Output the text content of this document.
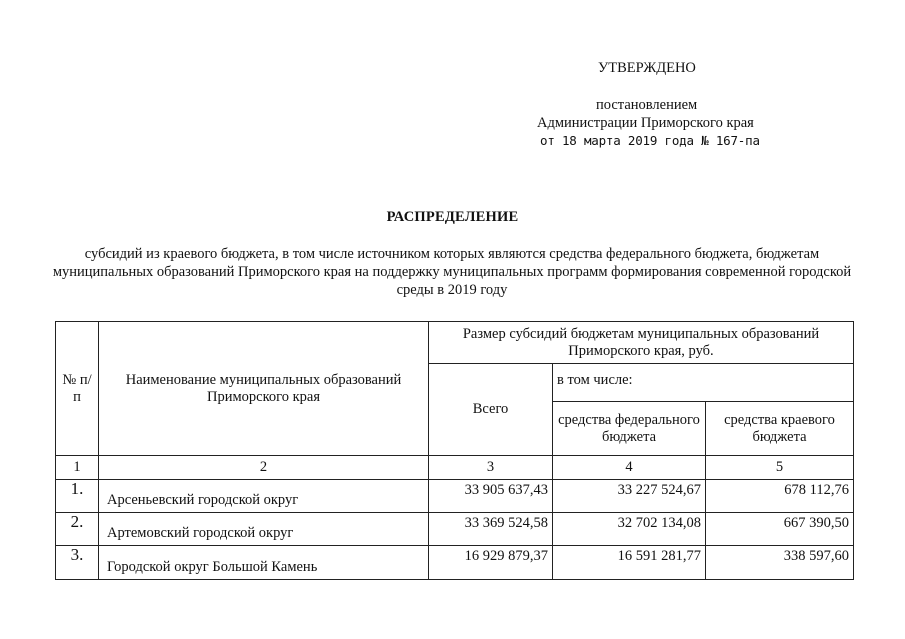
УТВЕРЖДЕНО
постановлением
Администрации Приморского края
от 18 марта 2019 года № 167-па
РАСПРЕДЕЛЕНИЕ
субсидий из краевого бюджета, в том числе источником которых являются средства федерального бюджета, бюджетам муниципальных образований Приморского края на поддержку муниципальных программ формирования современной городской среды в 2019 году
№ п/п	Наименование муниципальных образований Приморского края	Размер субсидий бюджетам муниципальных образований Приморского края, руб.		
		Всего	в том числе:	
			средства федерального бюджета	средства краевого бюджета
1	2	3	4	5
1.	Арсеньевский городской округ	33 905 637,43	33 227 524,67	678 112,76
2.	Артемовский городской округ	33 369 524,58	32 702 134,08	667 390,50
3.	Городской округ Большой Камень	16 929 879,37	16 591 281,77	338 597,60
